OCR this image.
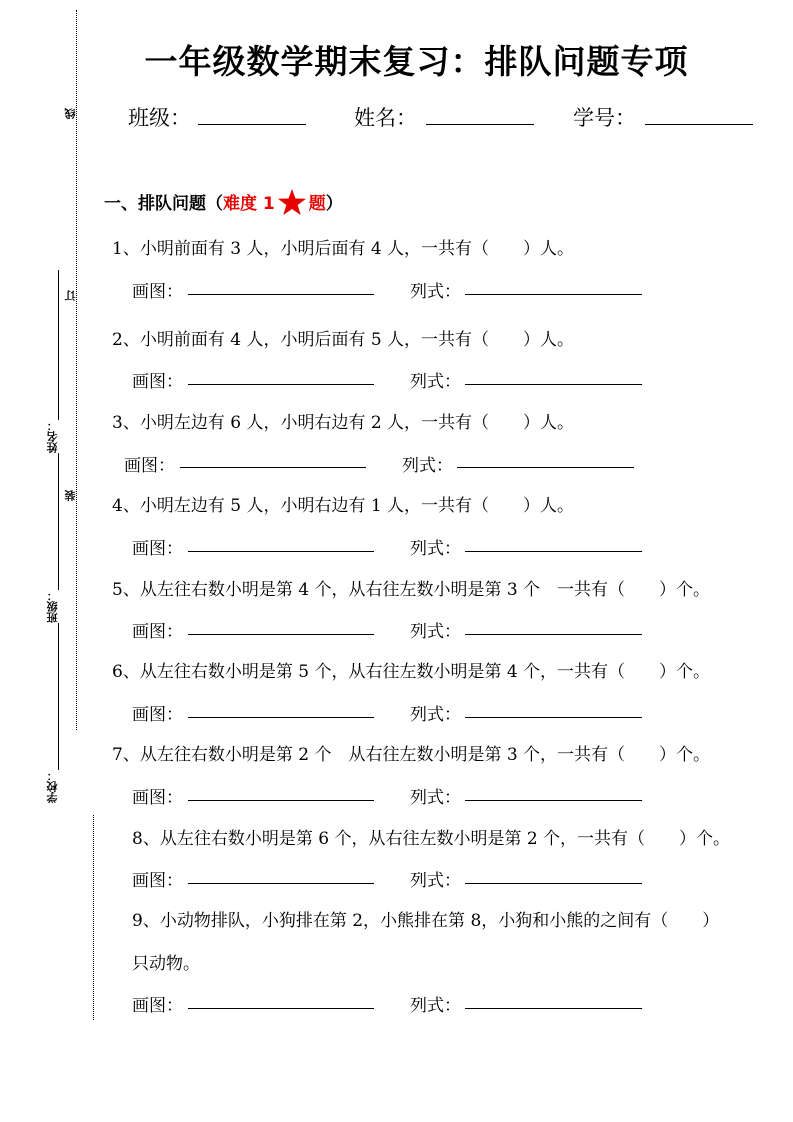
线
订
姓名：
装
班级：
学校：
一年级数学期末复习：排队问题专项
班级：	姓名：	学号：
一、排队问题（难度 1 题）
1、小明前面有 3 人，小明后面有 4 人，一共有（　　）人。
画图：	列式：
2、小明前面有 4 人，小明后面有 5 人，一共有（　　）人。
画图：	列式：
3、小明左边有 6 人，小明右边有 2 人，一共有（　　）人。
画图：	列式：
4、小明左边有 5 人，小明右边有 1 人，一共有（　　）人。
画图：	列式：
5、从左往右数小明是第 4 个，从右往左数小明是第 3 个　一共有（　　）个。
画图：	列式：
6、从左往右数小明是第 5 个，从右往左数小明是第 4 个，一共有（　　）个。
画图：	列式：
7、从左往右数小明是第 2 个　从右往左数小明是第 3 个，一共有（　　）个。
画图：	列式：
8、从左往右数小明是第 6 个，从右往左数小明是第 2 个，一共有（　　）个。
画图：	列式：
9、小动物排队，小狗排在第 2，小熊排在第 8，小狗和小熊的之间有（　　）
只动物。
画图：	列式：
